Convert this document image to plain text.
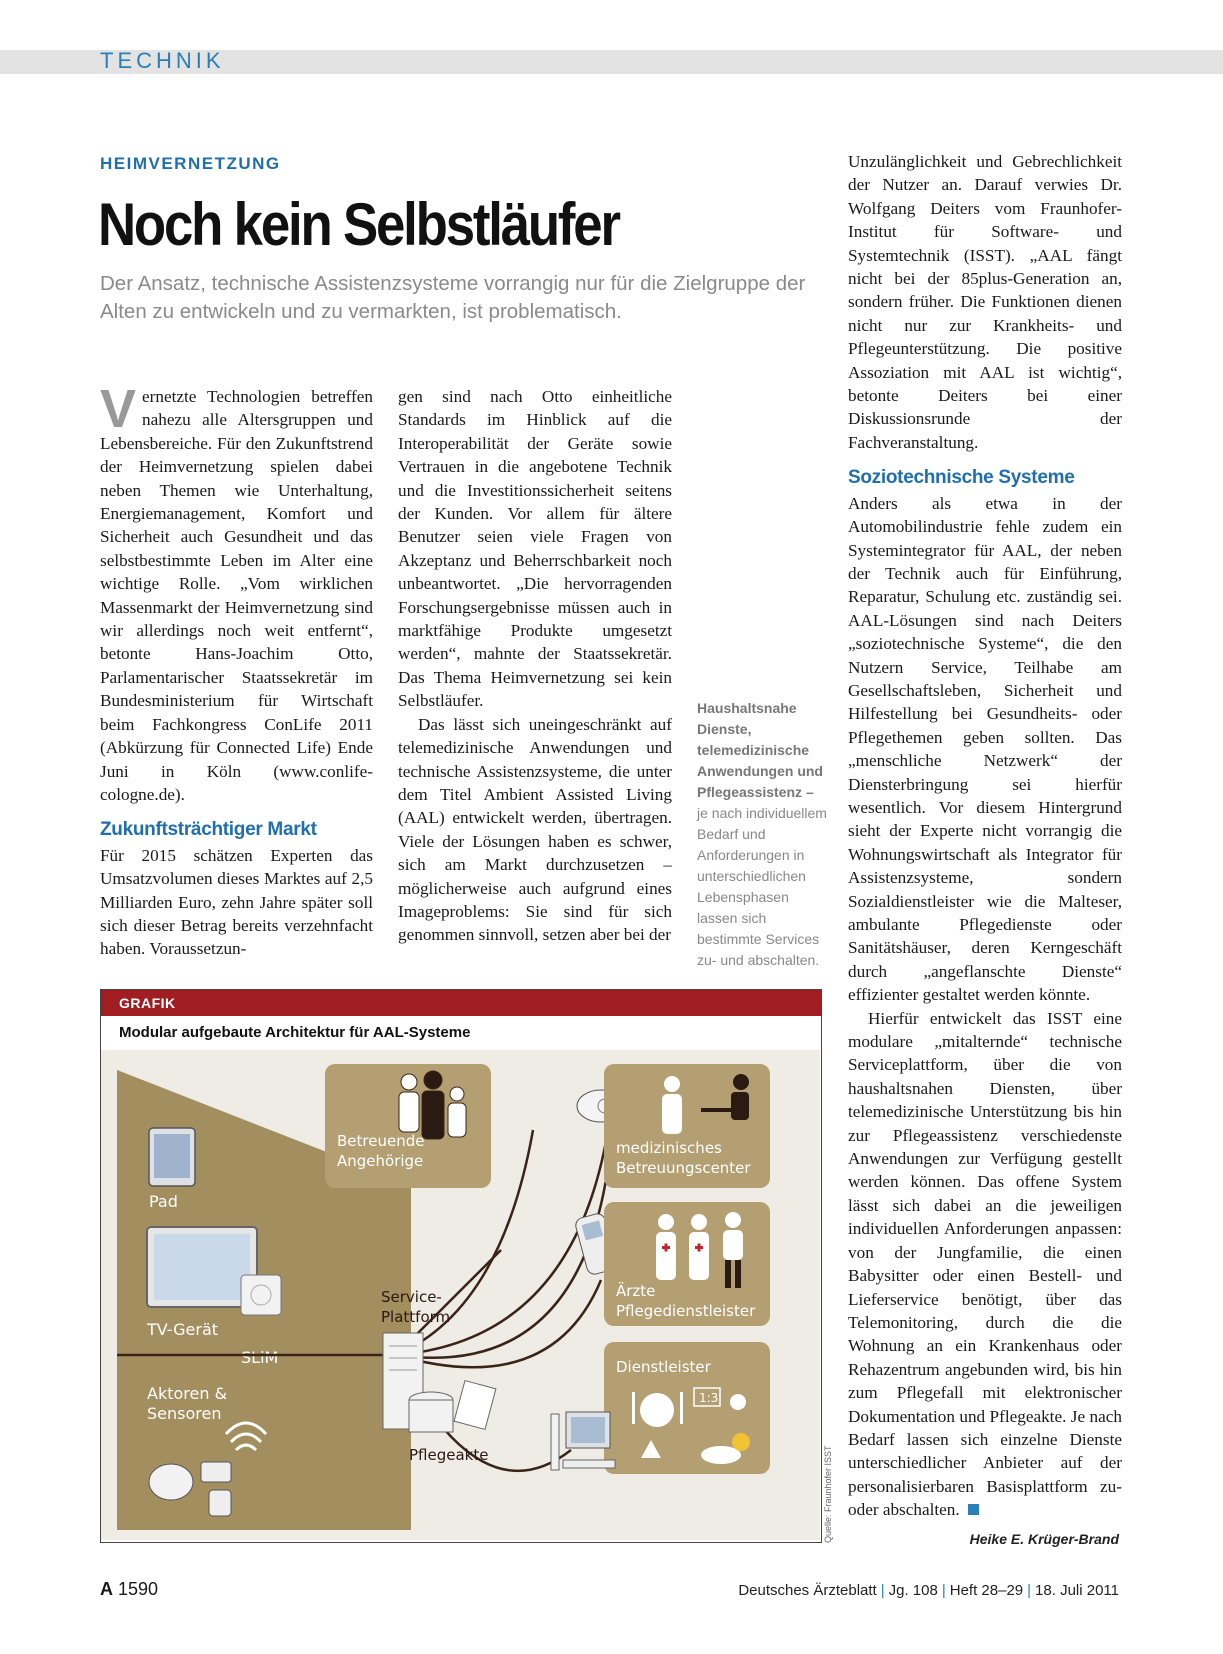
TECHNIK
HEIMVERNETZUNG
Noch kein Selbstläufer
Der Ansatz, technische Assistenzsysteme vorrangig nur für die Zielgruppe der Alten zu entwickeln und zu vermarkten, ist problematisch.

Vernetzte Technologien betreffen nahezu alle Altersgruppen und Lebensbereiche. Für den Zukunftstrend der Heimvernetzung spielen dabei neben Themen wie Unterhaltung, Energiemanagement, Komfort und Sicherheit auch Gesundheit und das selbstbestimmte Leben im Alter eine wichtige Rolle. „Vom wirklichen Massenmarkt der Heimvernetzung sind wir allerdings noch weit entfernt“, betonte Hans-Joachim Otto, Parlamentarischer Staatssekretär im Bundesministerium für Wirtschaft beim Fachkongress ConLife 2011 (Abkürzung für Connected Life) Ende Juni in Köln (www.conlife-cologne.de).

Zukunftsträchtiger Markt

Für 2015 schätzen Experten das Umsatzvolumen dieses Marktes auf 2,5 Milliarden Euro, zehn Jahre später soll sich dieser Betrag bereits verzehnfacht haben. Voraussetzun-

gen sind nach Otto einheitliche Standards im Hinblick auf die Interoperabilität der Geräte sowie Vertrauen in die angebotene Technik und die Investitionssicherheit seitens der Kunden. Vor allem für ältere Benutzer seien viele Fragen von Akzeptanz und Beherrschbarkeit noch unbeantwortet. „Die hervorragenden Forschungsergebnisse müssen auch in marktfähige Produkte umgesetzt werden“, mahnte der Staatssekretär. Das Thema Heimvernetzung sei kein Selbstläufer.

Das lässt sich uneingeschränkt auf telemedizinische Anwendungen und technische Assistenzsysteme, die unter dem Titel Ambient Assisted Living (AAL) entwickelt werden, übertragen. Viele der Lösungen haben es schwer, sich am Markt durchzusetzen – möglicherweise auch aufgrund eines Imageproblems: Sie sind für sich genommen sinnvoll, setzen aber bei der

Haushaltsnahe Dienste, telemedizinische Anwendungen und Pflegeassistenz – je nach individuellem Bedarf und Anforderungen in unterschiedlichen Lebensphasen lassen sich bestimmte Services zu- und abschalten.

Unzulänglichkeit und Gebrechlichkeit der Nutzer an. Darauf verwies Dr. Wolfgang Deiters vom Fraunhofer-Institut für Software- und Systemtechnik (ISST). „AAL fängt nicht bei der 85plus-Generation an, sondern früher. Die Funktionen dienen nicht nur zur Krankheits- und Pflegeunterstützung. Die positive Assoziation mit AAL ist wichtig“, betonte Deiters bei einer Diskussionsrunde der Fachveranstaltung.

Soziotechnische Systeme

Anders als etwa in der Automobilindustrie fehle zudem ein Systemintegrator für AAL, der neben der Technik auch für Einführung, Reparatur, Schulung etc. zuständig sei. AAL-Lösungen sind nach Deiters „soziotechnische Systeme“, die den Nutzern Service, Teilhabe am Gesellschaftsleben, Sicherheit und Hilfestellung bei Gesundheits- oder Pflegethemen geben sollten. Das „menschliche Netzwerk“ der Diensterbringung sei hierfür wesentlich. Vor diesem Hintergrund sieht der Experte nicht vorrangig die Wohnungswirtschaft als Integrator für Assistenzsysteme, sondern Sozialdienstleister wie die Malteser, ambulante Pflegedienste oder Sanitätshäuser, deren Kerngeschäft durch „angeflanschte Dienste“ effizienter gestaltet werden könnte.

Hierfür entwickelt das ISST eine modulare „mitalternde“ technische Serviceplattform, über die von haushaltsnahen Diensten, über telemedizinische Unterstützung bis hin zur Pflegeassistenz verschiedenste Anwendungen zur Verfügung gestellt werden können. Das offene System lässt sich dabei an die jeweiligen individuellen Anforderungen anpassen: von der Jungfamilie, die einen Babysitter oder einen Bestell- und Lieferservice benötigt, über das Telemonitoring, durch die die Wohnung an ein Krankenhaus oder Rehazentrum angebunden wird, bis hin zum Pflegefall mit elektronischer Dokumentation und Pflegeakte. Je nach Bedarf lassen sich einzelne Dienste unterschiedlicher Anbieter auf der personalisierbaren Basisplattform zu- oder abschalten.

Heike E. Krüger-Brand
GRAFIK
Modular aufgebaute Architektur für AAL-Systeme
Pad
TV-Gerät
SLiM
Aktoren &
Sensoren
Betreuende
Angehörige
medizinisches
Betreuungscenter
Ärzte
Pflegedienstleister
Dienstleister
1:3
Service-
Plattform
Pflegeakte	Quelle: Fraunhofer ISST
A 1590	Deutsches Ärzteblatt | Jg. 108 | Heft 28–29 | 18. Juli 2011
